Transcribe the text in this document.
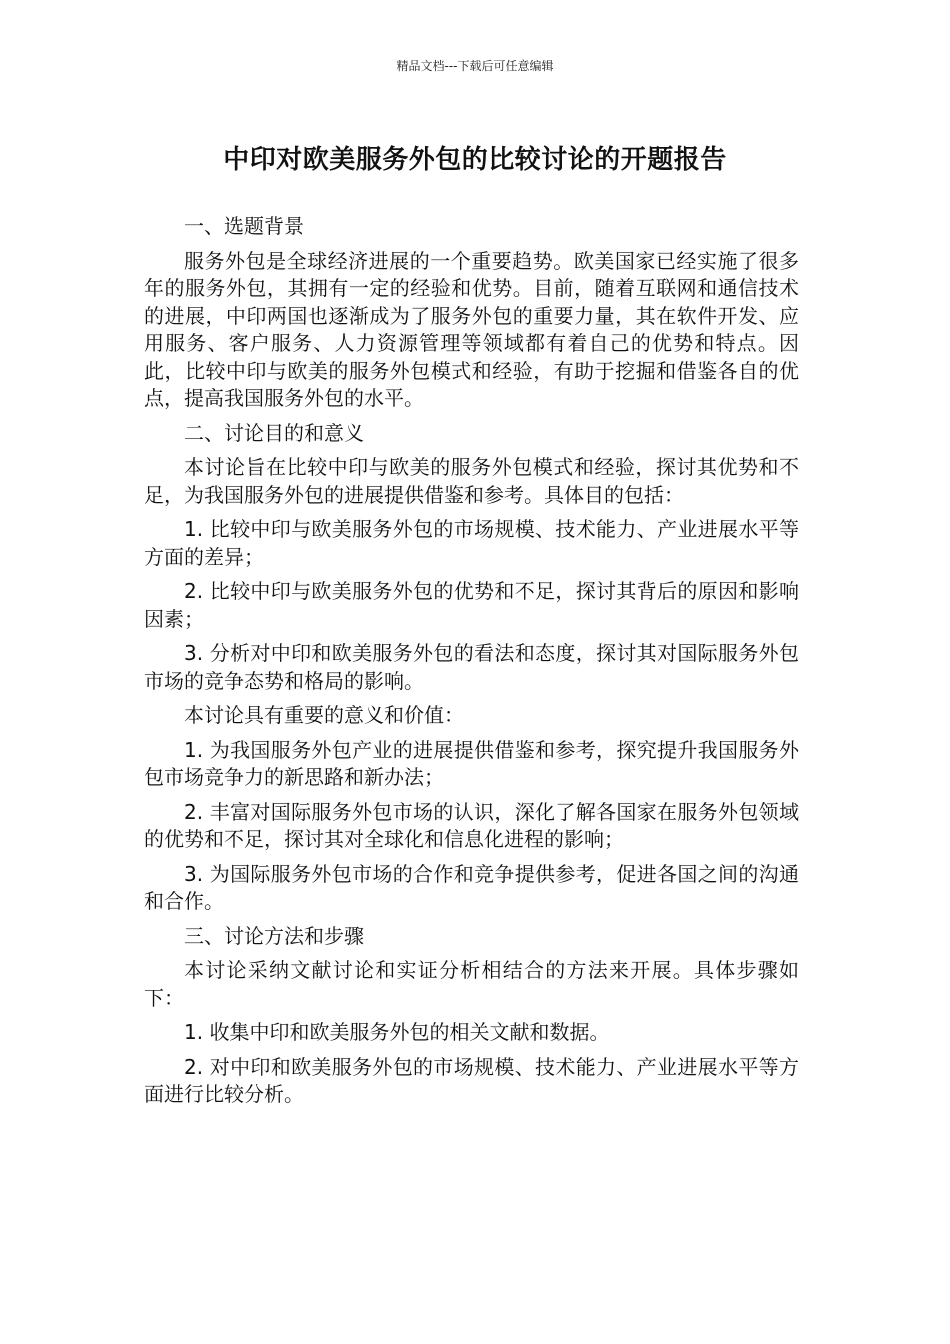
精品文档---下载后可任意编辑
中印对欧美服务外包的比较讨论的开题报告

一、选题背景

服务外包是全球经济进展的一个重要趋势。欧美国家已经实施了很多年的服务外包，其拥有一定的经验和优势。目前，随着互联网和通信技术的进展，中印两国也逐渐成为了服务外包的重要力量，其在软件开发、应用服务、客户服务、人力资源管理等领域都有着自己的优势和特点。因此，比较中印与欧美的服务外包模式和经验，有助于挖掘和借鉴各自的优点，提高我国服务外包的水平。

二、讨论目的和意义

本讨论旨在比较中印与欧美的服务外包模式和经验，探讨其优势和不足，为我国服务外包的进展提供借鉴和参考。具体目的包括：

1. 比较中印与欧美服务外包的市场规模、技术能力、产业进展水平等方面的差异；

2. 比较中印与欧美服务外包的优势和不足，探讨其背后的原因和影响因素；

3. 分析对中印和欧美服务外包的看法和态度，探讨其对国际服务外包市场的竞争态势和格局的影响。

本讨论具有重要的意义和价值：

1. 为我国服务外包产业的进展提供借鉴和参考，探究提升我国服务外包市场竞争力的新思路和新办法；

2. 丰富对国际服务外包市场的认识，深化了解各国家在服务外包领域的优势和不足，探讨其对全球化和信息化进程的影响；

3. 为国际服务外包市场的合作和竞争提供参考，促进各国之间的沟通和合作。

三、讨论方法和步骤

本讨论采纳文献讨论和实证分析相结合的方法来开展。具体步骤如下：

1. 收集中印和欧美服务外包的相关文献和数据。

2. 对中印和欧美服务外包的市场规模、技术能力、产业进展水平等方面进行比较分析。
